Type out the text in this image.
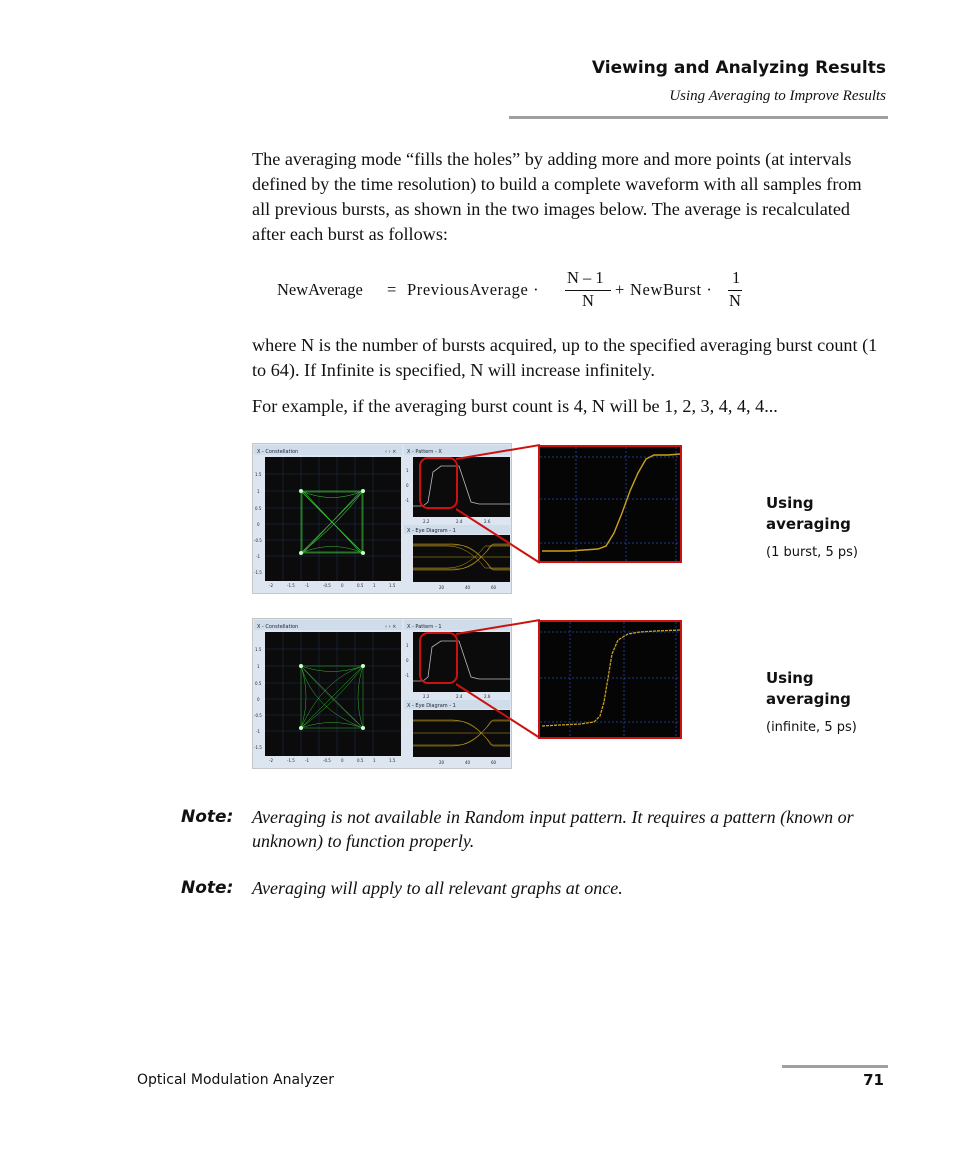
Viewing and Analyzing Results
Using Averaging to Improve Results
The averaging mode “fills the holes” by adding more and more points (at intervals defined by the time resolution) to build a complete waveform with all samples from all previous bursts, as shown in the two images below. The average is recalculated after each burst as follows:
NewAverage = PreviousAverage ·
N – 1
N
+ NewBurst ·
1
N
where N is the number of bursts acquired, up to the specified averaging burst count (1 to 64). If Infinite is specified, N will increase infinitely.
For example, if the averaging burst count is 4, N will be 1, 2, 3, 4, 4, 4...
X - Constellation	‹ › ×
1.5
1
0.5
0
-0.5
-1
-1.5
-2	-1.5	-1	-0.5	0	0.5 1	1.5
X - Pattern - X
1
0
-1
2.2	2.4	2.6
X - Eye Diagram - 1
20	40	60
Using averaging
(1 burst, 5 ps)
X - Constellation	‹ › ×
1.5
1
0.5
0
-0.5
-1
-1.5
-2	-1.5	-1	-0.5	0	0.5 1	1.5
X - Pattern - 1
1
0
-1
2.2	2.4	2.6
X - Eye Diagram - 1
20	40	60
Using averaging
(infinite, 5 ps)
Note: Averaging is not available in Random input pattern. It requires a pattern (known or unknown) to function properly.
Note: Averaging will apply to all relevant graphs at once.
Optical Modulation Analyzer	71
